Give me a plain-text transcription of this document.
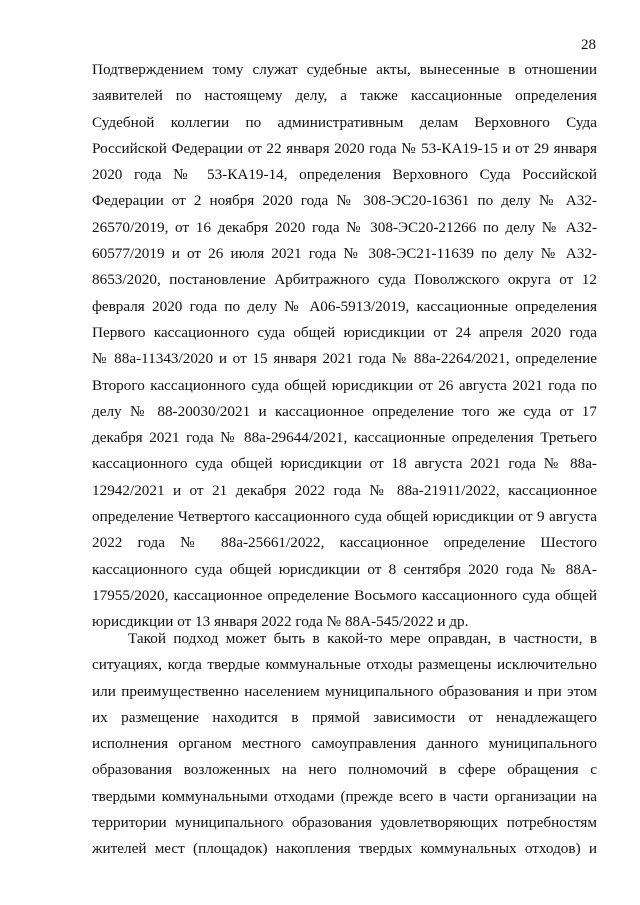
28
Подтверждением тому служат судебные акты, вынесенные в отношении
заявителей по настоящему делу, а также кассационные определения
Судебной коллегии по административным делам Верховного Суда
Российской Федерации от 22 января 2020 года № 53-КА19-15 и от 29 января
2020 года № 53-КА19-14, определения Верховного Суда Российской
Федерации от 2 ноября 2020 года № 308-ЭС20-16361 по делу № А32-
26570/2019, от 16 декабря 2020 года № 308-ЭС20-21266 по делу № А32-
60577/2019 и от 26 июля 2021 года № 308-ЭС21-11639 по делу № А32-
8653/2020, постановление Арбитражного суда Поволжского округа от 12
февраля 2020 года по делу № А06-5913/2019, кассационные определения
Первого кассационного суда общей юрисдикции от 24 апреля 2020 года
№ 88а-11343/2020 и от 15 января 2021 года № 88а-2264/2021, определение
Второго кассационного суда общей юрисдикции от 26 августа 2021 года по
делу № 88-20030/2021 и кассационное определение того же суда от 17
декабря 2021 года № 88а-29644/2021, кассационные определения Третьего
кассационного суда общей юрисдикции от 18 августа 2021 года № 88а-
12942/2021 и от 21 декабря 2022 года № 88а-21911/2022, кассационное
определение Четвертого кассационного суда общей юрисдикции от 9 августа
2022 года № 88а-25661/2022, кассационное определение Шестого
кассационного суда общей юрисдикции от 8 сентября 2020 года № 88А-
17955/2020, кассационное определение Восьмого кассационного суда общей
юрисдикции от 13 января 2022 года № 88А-545/2022 и др.
Такой подход может быть в какой-то мере оправдан, в частности, в
ситуациях, когда твердые коммунальные отходы размещены исключительно
или преимущественно населением муниципального образования и при этом
их размещение находится в прямой зависимости от ненадлежащего
исполнения органом местного самоуправления данного муниципального
образования возложенных на него полномочий в сфере обращения с
твердыми коммунальными отходами (прежде всего в части организации на
территории муниципального образования удовлетворяющих потребностям
жителей мест (площадок) накопления твердых коммунальных отходов) и
